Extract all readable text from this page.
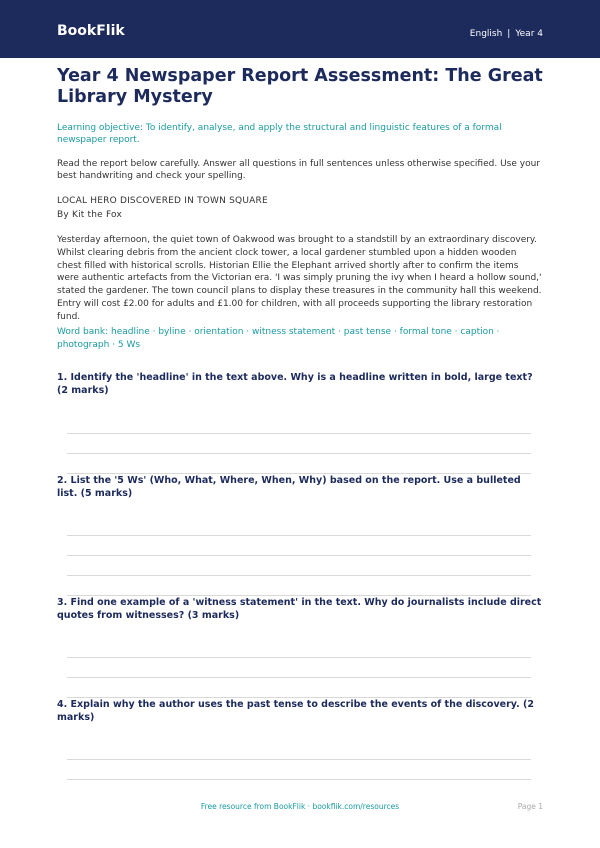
BookFlik	English | Year 4
Year 4 Newspaper Report Assessment: The Great Library Mystery
Learning objective: To identify, analyse, and apply the structural and linguistic features of a formal newspaper report.
Read the report below carefully. Answer all questions in full sentences unless otherwise specified. Use your best handwriting and check your spelling.
LOCAL HERO DISCOVERED IN TOWN SQUARE
By Kit the Fox
Yesterday afternoon, the quiet town of Oakwood was brought to a standstill by an extraordinary discovery. Whilst clearing debris from the ancient clock tower, a local gardener stumbled upon a hidden wooden chest filled with historical scrolls. Historian Ellie the Elephant arrived shortly after to confirm the items were authentic artefacts from the Victorian era. 'I was simply pruning the ivy when I heard a hollow sound,' stated the gardener. The town council plans to display these treasures in the community hall this weekend. Entry will cost £2.00 for adults and £1.00 for children, with all proceeds supporting the library restoration fund.
Word bank: headline · byline · orientation · witness statement · past tense · formal tone · caption · photograph · 5 Ws
1. Identify the 'headline' in the text above. Why is a headline written in bold, large text? (2 marks)
2. List the '5 Ws' (Who, What, Where, When, Why) based on the report. Use a bulleted list. (5 marks)
3. Find one example of a 'witness statement' in the text. Why do journalists include direct quotes from witnesses? (3 marks)
4. Explain why the author uses the past tense to describe the events of the discovery. (2 marks)
Free resource from BookFlik · bookflik.com/resources	Page 1
